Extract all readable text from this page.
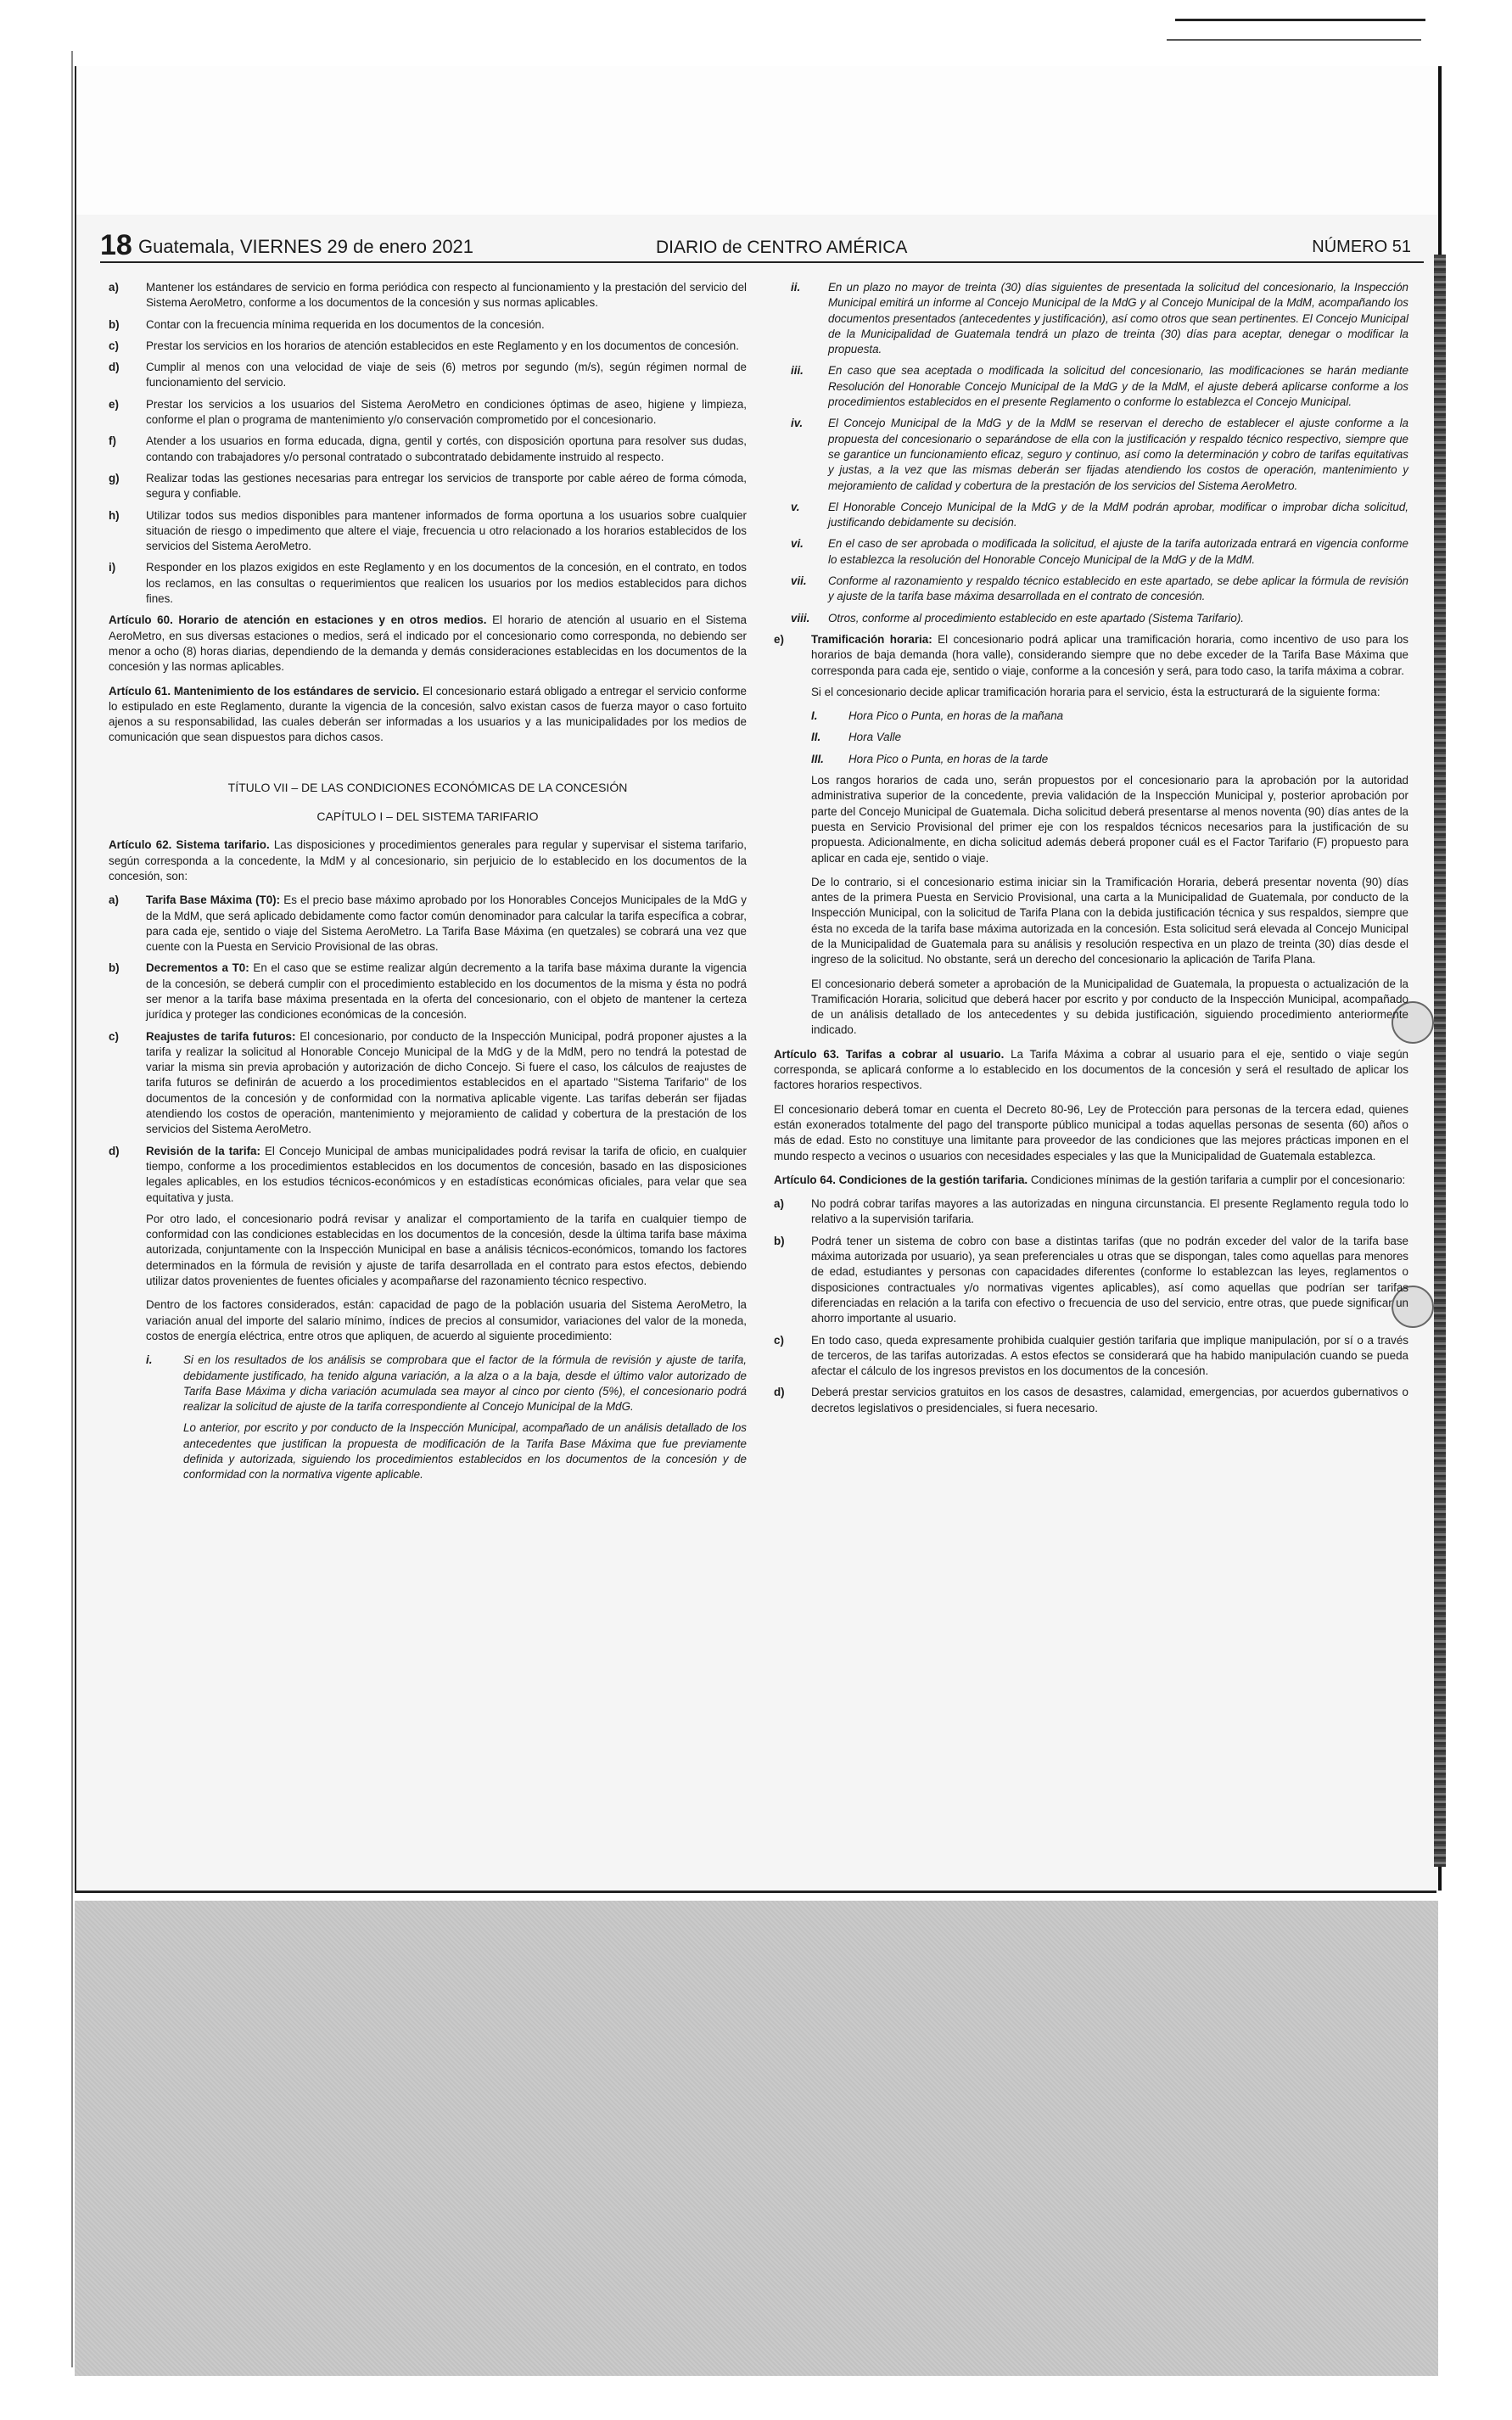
18 Guatemala, VIERNES 29 de enero 2021	DIARIO de CENTRO AMÉRICA	NÚMERO 51
a)	Mantener los estándares de servicio en forma periódica con respecto al funcionamiento y la prestación del servicio del Sistema AeroMetro, conforme a los documentos de la concesión y sus normas aplicables.
b)	Contar con la frecuencia mínima requerida en los documentos de la concesión.
c)	Prestar los servicios en los horarios de atención establecidos en este Reglamento y en los documentos de concesión.
d)	Cumplir al menos con una velocidad de viaje de seis (6) metros por segundo (m/s), según régimen normal de funcionamiento del servicio.
e)	Prestar los servicios a los usuarios del Sistema AeroMetro en condiciones óptimas de aseo, higiene y limpieza, conforme el plan o programa de mantenimiento y/o conservación comprometido por el concesionario.
f)	Atender a los usuarios en forma educada, digna, gentil y cortés, con disposición oportuna para resolver sus dudas, contando con trabajadores y/o personal contratado o subcontratado debidamente instruido al respecto.
g)	Realizar todas las gestiones necesarias para entregar los servicios de transporte por cable aéreo de forma cómoda, segura y confiable.
h)	Utilizar todos sus medios disponibles para mantener informados de forma oportuna a los usuarios sobre cualquier situación de riesgo o impedimento que altere el viaje, frecuencia u otro relacionado a los horarios establecidos de los servicios del Sistema AeroMetro.
i)	Responder en los plazos exigidos en este Reglamento y en los documentos de la concesión, en el contrato, en todos los reclamos, en las consultas o requerimientos que realicen los usuarios por los medios establecidos para dichos fines.

Artículo 60. Horario de atención en estaciones y en otros medios. El horario de atención al usuario en el Sistema AeroMetro, en sus diversas estaciones o medios, será el indicado por el concesionario como corresponda, no debiendo ser menor a ocho (8) horas diarias, dependiendo de la demanda y demás consideraciones establecidas en los documentos de la concesión y las normas aplicables.

Artículo 61. Mantenimiento de los estándares de servicio. El concesionario estará obligado a entregar el servicio conforme lo estipulado en este Reglamento, durante la vigencia de la concesión, salvo existan casos de fuerza mayor o caso fortuito ajenos a su responsabilidad, las cuales deberán ser informadas a los usuarios y a las municipalidades por los medios de comunicación que sean dispuestos para dichos casos.

TÍTULO VII – DE LAS CONDICIONES ECONÓMICAS DE LA CONCESIÓN
CAPÍTULO I – DEL SISTEMA TARIFARIO

Artículo 62. Sistema tarifario. Las disposiciones y procedimientos generales para regular y supervisar el sistema tarifario, según corresponda a la concedente, la MdM y al concesionario, sin perjuicio de lo establecido en los documentos de la concesión, son:

a)	Tarifa Base Máxima (T0): Es el precio base máximo aprobado por los Honorables Concejos Municipales de la MdG y de la MdM, que será aplicado debidamente como factor común denominador para calcular la tarifa específica a cobrar, para cada eje, sentido o viaje del Sistema AeroMetro. La Tarifa Base Máxima (en quetzales) se cobrará una vez que cuente con la Puesta en Servicio Provisional de las obras.
b)	Decrementos a T0: En el caso que se estime realizar algún decremento a la tarifa base máxima durante la vigencia de la concesión, se deberá cumplir con el procedimiento establecido en los documentos de la misma y ésta no podrá ser menor a la tarifa base máxima presentada en la oferta del concesionario, con el objeto de mantener la certeza jurídica y proteger las condiciones económicas de la concesión.
c)	Reajustes de tarifa futuros: El concesionario, por conducto de la Inspección Municipal, podrá proponer ajustes a la tarifa y realizar la solicitud al Honorable Concejo Municipal de la MdG y de la MdM, pero no tendrá la potestad de variar la misma sin previa aprobación y autorización de dicho Concejo. Si fuere el caso, los cálculos de reajustes de tarifa futuros se definirán de acuerdo a los procedimientos establecidos en el apartado "Sistema Tarifario" de los documentos de la concesión y de conformidad con la normativa aplicable vigente. Las tarifas deberán ser fijadas atendiendo los costos de operación, mantenimiento y mejoramiento de calidad y cobertura de la prestación de los servicios del Sistema AeroMetro.
d)	Revisión de la tarifa: El Concejo Municipal de ambas municipalidades podrá revisar la tarifa de oficio, en cualquier tiempo, conforme a los procedimientos establecidos en los documentos de concesión, basado en las disposiciones legales aplicables, en los estudios técnicos-económicos y en estadísticas económicas oficiales, para velar que sea equitativa y justa.

Por otro lado, el concesionario podrá revisar y analizar el comportamiento de la tarifa en cualquier tiempo de conformidad con las condiciones establecidas en los documentos de la concesión, desde la última tarifa base máxima autorizada, conjuntamente con la Inspección Municipal en base a análisis técnicos-económicos, tomando los factores determinados en la fórmula de revisión y ajuste de tarifa desarrollada en el contrato para estos efectos, debiendo utilizar datos provenientes de fuentes oficiales y acompañarse del razonamiento técnico respectivo.

Dentro de los factores considerados, están: capacidad de pago de la población usuaria del Sistema AeroMetro, la variación anual del importe del salario mínimo, índices de precios al consumidor, variaciones del valor de la moneda, costos de energía eléctrica, entre otros que apliquen, de acuerdo al siguiente procedimiento:

i.	Si en los resultados de los análisis se comprobara que el factor de la fórmula de revisión y ajuste de tarifa, debidamente justificado, ha tenido alguna variación, a la alza o a la baja, desde el último valor autorizado de Tarifa Base Máxima y dicha variación acumulada sea mayor al cinco por ciento (5%), el concesionario podrá realizar la solicitud de ajuste de la tarifa correspondiente al Concejo Municipal de la MdG.

Lo anterior, por escrito y por conducto de la Inspección Municipal, acompañado de un análisis detallado de los antecedentes que justifican la propuesta de modificación de la Tarifa Base Máxima que fue previamente definida y autorizada, siguiendo los procedimientos establecidos en los documentos de la concesión y de conformidad con la normativa vigente aplicable.

ii.	En un plazo no mayor de treinta (30) días siguientes de presentada la solicitud del concesionario, la Inspección Municipal emitirá un informe al Concejo Municipal de la MdG y al Concejo Municipal de la MdM, acompañando los documentos presentados (antecedentes y justificación), así como otros que sean pertinentes. El Concejo Municipal de la Municipalidad de Guatemala tendrá un plazo de treinta (30) días para aceptar, denegar o modificar la propuesta.
iii.	En caso que sea aceptada o modificada la solicitud del concesionario, las modificaciones se harán mediante Resolución del Honorable Concejo Municipal de la MdG y de la MdM, el ajuste deberá aplicarse conforme a los procedimientos establecidos en el presente Reglamento o conforme lo establezca el Concejo Municipal.
iv.	El Concejo Municipal de la MdG y de la MdM se reservan el derecho de establecer el ajuste conforme a la propuesta del concesionario o separándose de ella con la justificación y respaldo técnico respectivo, siempre que se garantice un funcionamiento eficaz, seguro y continuo, así como la determinación y cobro de tarifas equitativas y justas, a la vez que las mismas deberán ser fijadas atendiendo los costos de operación, mantenimiento y mejoramiento de calidad y cobertura de la prestación de los servicios del Sistema AeroMetro.
v.	El Honorable Concejo Municipal de la MdG y de la MdM podrán aprobar, modificar o improbar dicha solicitud, justificando debidamente su decisión.
vi.	En el caso de ser aprobada o modificada la solicitud, el ajuste de la tarifa autorizada entrará en vigencia conforme lo establezca la resolución del Honorable Concejo Municipal de la MdG y de la MdM.
vii.	Conforme al razonamiento y respaldo técnico establecido en este apartado, se debe aplicar la fórmula de revisión y ajuste de la tarifa base máxima desarrollada en el contrato de concesión.
viii.	Otros, conforme al procedimiento establecido en este apartado (Sistema Tarifario).
e)	Tramificación horaria: El concesionario podrá aplicar una tramificación horaria, como incentivo de uso para los horarios de baja demanda (hora valle), considerando siempre que no debe exceder de la Tarifa Base Máxima que corresponda para cada eje, sentido o viaje, conforme a la concesión y será, para todo caso, la tarifa máxima a cobrar.

Si el concesionario decide aplicar tramificación horaria para el servicio, ésta la estructurará de la siguiente forma:

I.	Hora Pico o Punta, en horas de la mañana
II.	Hora Valle
III.	Hora Pico o Punta, en horas de la tarde

Los rangos horarios de cada uno, serán propuestos por el concesionario para la aprobación por la autoridad administrativa superior de la concedente, previa validación de la Inspección Municipal y, posterior aprobación por parte del Concejo Municipal de Guatemala. Dicha solicitud deberá presentarse al menos noventa (90) días antes de la puesta en Servicio Provisional del primer eje con los respaldos técnicos necesarios para la justificación de su propuesta. Adicionalmente, en dicha solicitud además deberá proponer cuál es el Factor Tarifario (F) propuesto para aplicar en cada eje, sentido o viaje.

De lo contrario, si el concesionario estima iniciar sin la Tramificación Horaria, deberá presentar noventa (90) días antes de la primera Puesta en Servicio Provisional, una carta a la Municipalidad de Guatemala, por conducto de la Inspección Municipal, con la solicitud de Tarifa Plana con la debida justificación técnica y sus respaldos, siempre que ésta no exceda de la tarifa base máxima autorizada en la concesión. Esta solicitud será elevada al Concejo Municipal de la Municipalidad de Guatemala para su análisis y resolución respectiva en un plazo de treinta (30) días desde el ingreso de la solicitud. No obstante, será un derecho del concesionario la aplicación de Tarifa Plana.

El concesionario deberá someter a aprobación de la Municipalidad de Guatemala, la propuesta o actualización de la Tramificación Horaria, solicitud que deberá hacer por escrito y por conducto de la Inspección Municipal, acompañado de un análisis detallado de los antecedentes y su debida justificación, siguiendo procedimiento anteriormente indicado.

Artículo 63. Tarifas a cobrar al usuario. La Tarifa Máxima a cobrar al usuario para el eje, sentido o viaje según corresponda, se aplicará conforme a lo establecido en los documentos de la concesión y será el resultado de aplicar los factores horarios respectivos.

El concesionario deberá tomar en cuenta el Decreto 80-96, Ley de Protección para personas de la tercera edad, quienes están exonerados totalmente del pago del transporte público municipal a todas aquellas personas de sesenta (60) años o más de edad. Esto no constituye una limitante para proveedor de las condiciones que las mejores prácticas imponen en el mundo respecto a vecinos o usuarios con necesidades especiales y las que la Municipalidad de Guatemala establezca.

Artículo 64. Condiciones de la gestión tarifaria. Condiciones mínimas de la gestión tarifaria a cumplir por el concesionario:

a)	No podrá cobrar tarifas mayores a las autorizadas en ninguna circunstancia. El presente Reglamento regula todo lo relativo a la supervisión tarifaria.
b)	Podrá tener un sistema de cobro con base a distintas tarifas (que no podrán exceder del valor de la tarifa base máxima autorizada por usuario), ya sean preferenciales u otras que se dispongan, tales como aquellas para menores de edad, estudiantes y personas con capacidades diferentes (conforme lo establezcan las leyes, reglamentos o disposiciones contractuales y/o normativas vigentes aplicables), así como aquellas que podrían ser tarifas diferenciadas en relación a la tarifa con efectivo o frecuencia de uso del servicio, entre otras, que puede significar un ahorro importante al usuario.
c)	En todo caso, queda expresamente prohibida cualquier gestión tarifaria que implique manipulación, por sí o a través de terceros, de las tarifas autorizadas. A estos efectos se considerará que ha habido manipulación cuando se pueda afectar el cálculo de los ingresos previstos en los documentos de la concesión.
d)	Deberá prestar servicios gratuitos en los casos de desastres, calamidad, emergencias, por acuerdos gubernativos o decretos legislativos o presidenciales, si fuera necesario.
